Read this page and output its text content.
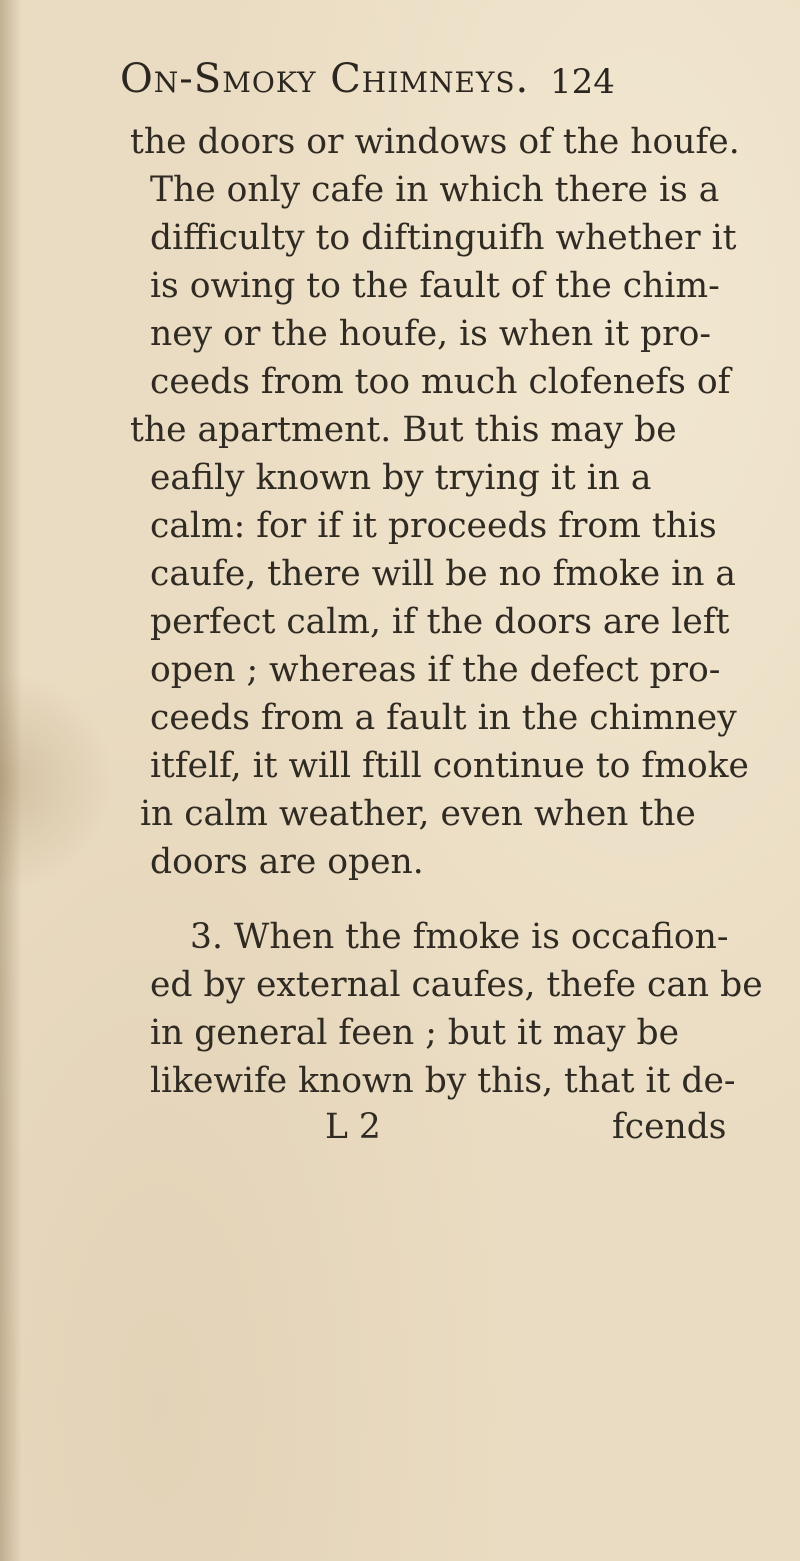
On-Smoky Chimneys. 124
the doors or windows of the houfe.
The only cafe in which there is a
difficulty to diftinguifh whether it
is owing to the fault of the chim-
ney or the houfe, is when it pro-
ceeds from too much clofenefs of
the apartment. But this may be
eafily known by trying it in a
calm: for if it proceeds from this
caufe, there will be no fmoke in a
perfect calm, if the doors are left
open ; whereas if the defect pro-
ceeds from a fault in the chimney
itfelf, it will ftill continue to fmoke
in calm weather, even when the
doors are open.
3. When the fmoke is occafion-
ed by external caufes, thefe can be
in general feen ; but it may be
likewife known by this, that it de-
L 2	fcends
